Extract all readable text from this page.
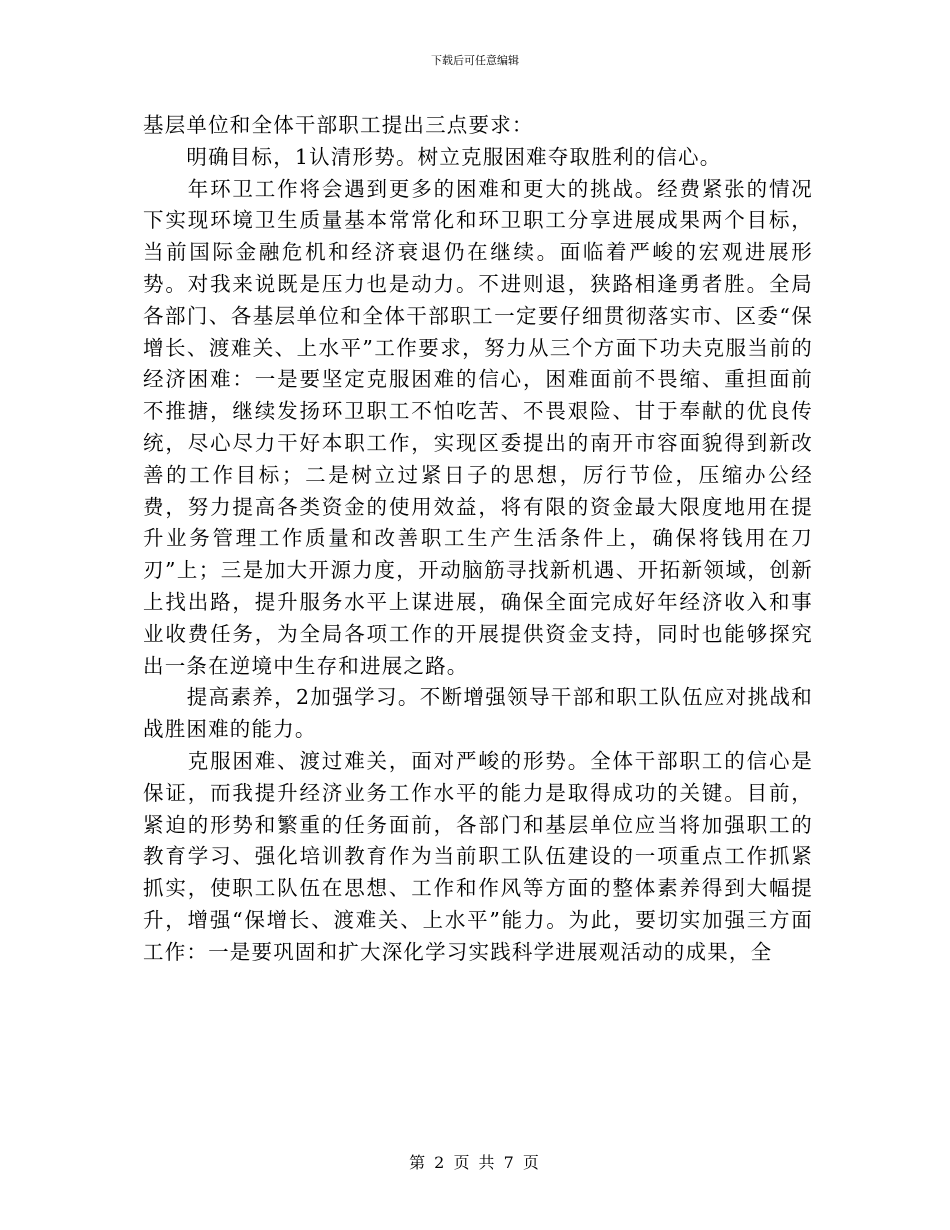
下载后可任意编辑

基层单位和全体干部职工提出三点要求：

　　明确目标，1认清形势。树立克服困难夺取胜利的信心。

　　年环卫工作将会遇到更多的困难和更大的挑战。经费紧张的情况下实现环境卫生质量基本常常化和环卫职工分享进展成果两个目标，当前国际金融危机和经济衰退仍在继续。面临着严峻的宏观进展形势。对我来说既是压力也是动力。不进则退，狭路相逢勇者胜。全局各部门、各基层单位和全体干部职工一定要仔细贯彻落实市、区委“保增长、渡难关、上水平”工作要求，努力从三个方面下功夫克服当前的经济困难：一是要坚定克服困难的信心，困难面前不畏缩、重担面前不推搪，继续发扬环卫职工不怕吃苦、不畏艰险、甘于奉献的优良传统，尽心尽力干好本职工作，实现区委提出的南开市容面貌得到新改善的工作目标；二是树立过紧日子的思想，厉行节俭，压缩办公经费，努力提高各类资金的使用效益，将有限的资金最大限度地用在提升业务管理工作质量和改善职工生产生活条件上，确保将钱用在刀刃”上；三是加大开源力度，开动脑筋寻找新机遇、开拓新领域，创新上找出路，提升服务水平上谋进展，确保全面完成好年经济收入和事业收费任务，为全局各项工作的开展提供资金支持，同时也能够探究出一条在逆境中生存和进展之路。

　　提高素养，2加强学习。不断增强领导干部和职工队伍应对挑战和战胜困难的能力。

　　克服困难、渡过难关，面对严峻的形势。全体干部职工的信心是保证，而我提升经济业务工作水平的能力是取得成功的关键。目前，紧迫的形势和繁重的任务面前，各部门和基层单位应当将加强职工的教育学习、强化培训教育作为当前职工队伍建设的一项重点工作抓紧抓实，使职工队伍在思想、工作和作风等方面的整体素养得到大幅提升，增强“保增长、渡难关、上水平”能力。为此，要切实加强三方面工作：一是要巩固和扩大深化学习实践科学进展观活动的成果，全

第 2 页 共 7 页
